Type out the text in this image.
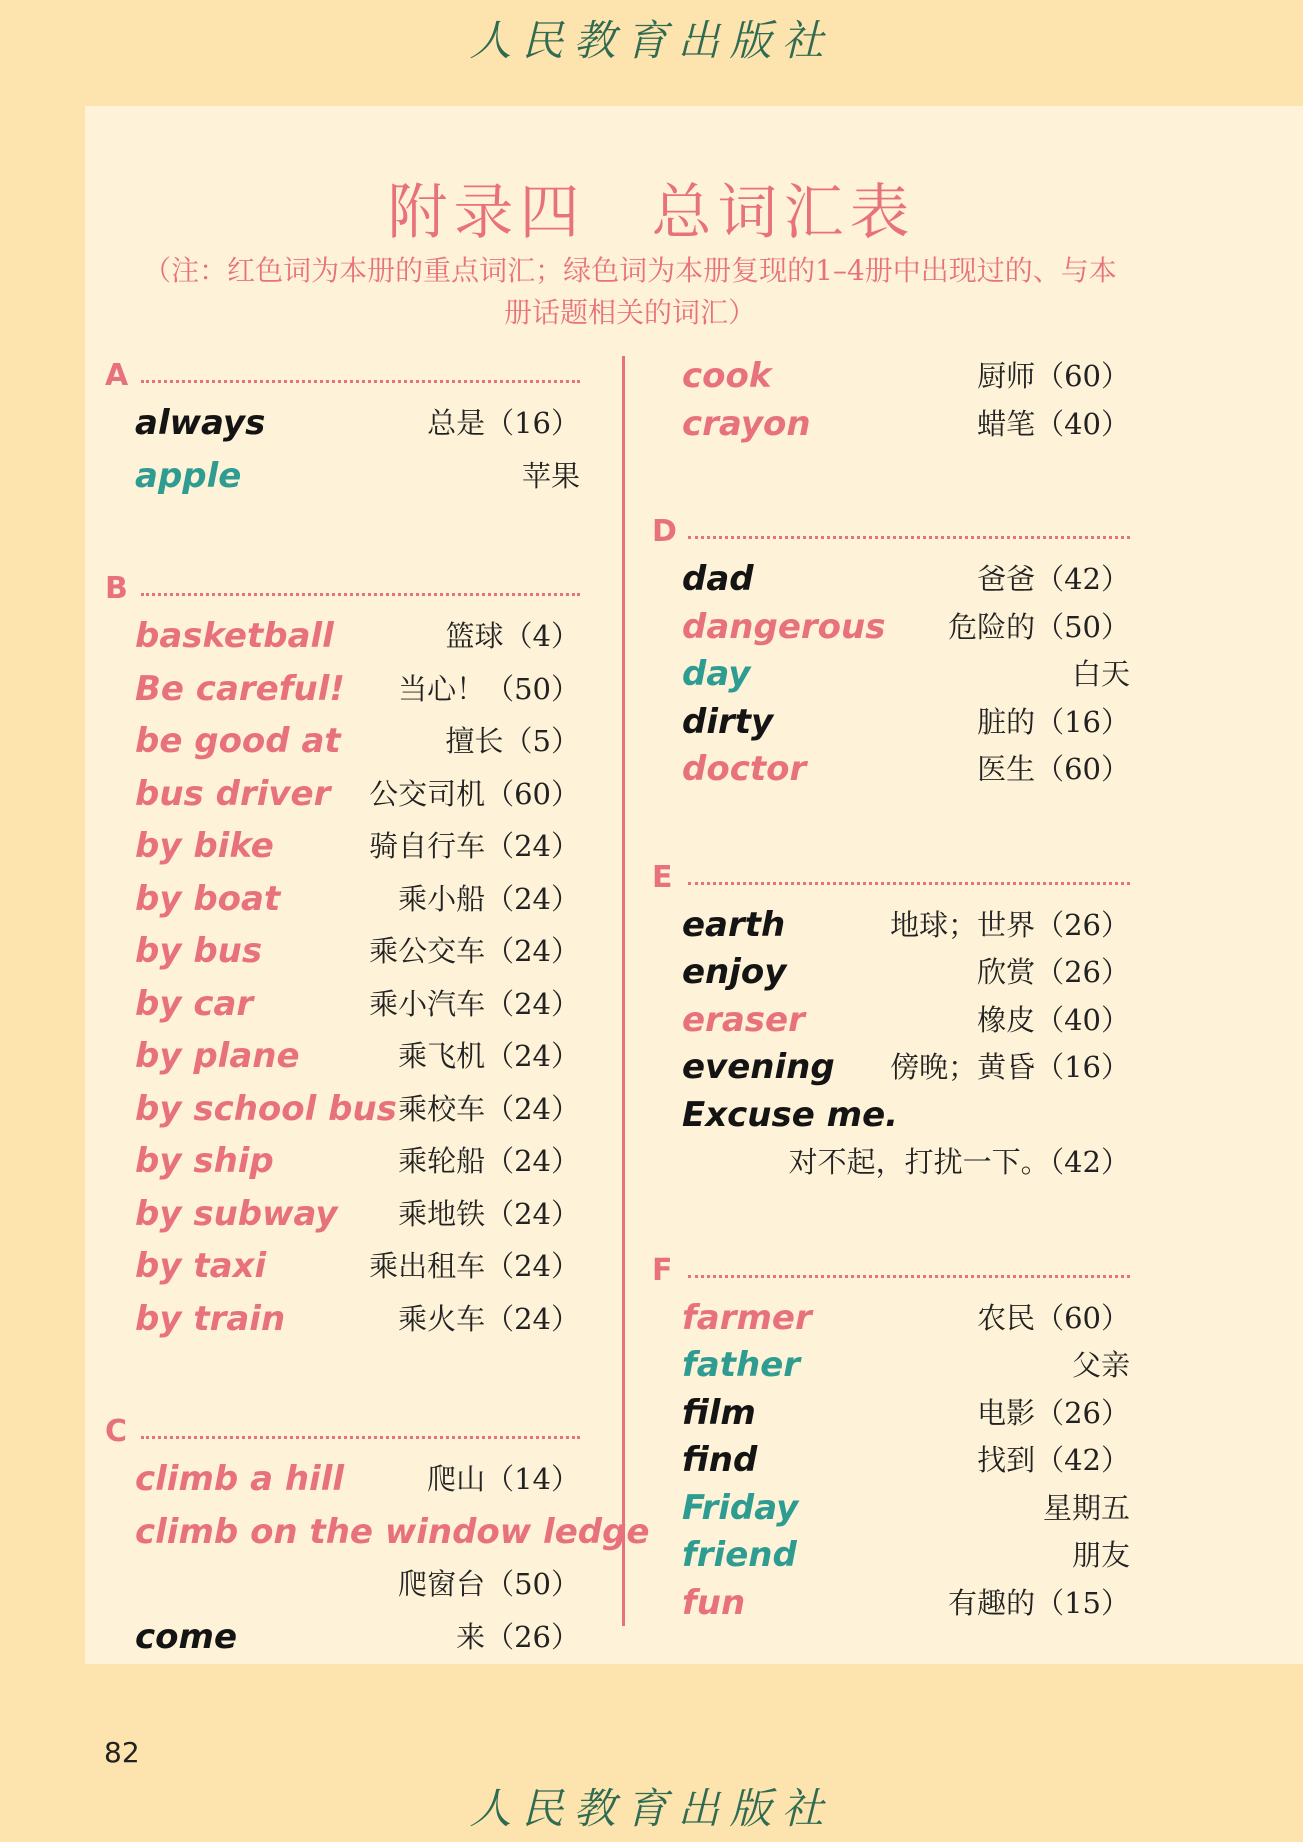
人民教育出版社
附录四　总词汇表
（注：红色词为本册的重点词汇；绿色词为本册复现的1–4册中出现过的、与本册话题相关的词汇）
A
always	总是（16）
apple	苹果
B
basketball	篮球（4）
Be careful! 当心！（50）
be good at	擅长（5）
bus driver 公交司机（60）
by bike	骑自行车（24）
by boat	乘小船（24）
by bus	乘公交车（24）
by car	乘小汽车（24）
by plane	乘飞机（24）
by school bus 乘校车（24）
by ship	乘轮船（24）
by subway 乘地铁（24）
by taxi	乘出租车（24）
by train	乘火车（24）
C
climb a hill	爬山（14）
climb on the window ledge
爬窗台（50）
come	来（26）
cook	厨师（60）
crayon	蜡笔（40）
D
dad	爸爸（42）
dangerous 危险的（50）
day	白天
dirty	脏的（16）
doctor	医生（60）
E
earth	地球；世界（26）
enjoy	欣赏（26）
eraser	橡皮（40）
evening 傍晚；黄昏（16）
Excuse me.
对不起，打扰一下。（42）
F
farmer	农民（60）
father	父亲
film	电影（26）
find	找到（42）
Friday	星期五
friend	朋友
fun	有趣的（15）
82
人民教育出版社
